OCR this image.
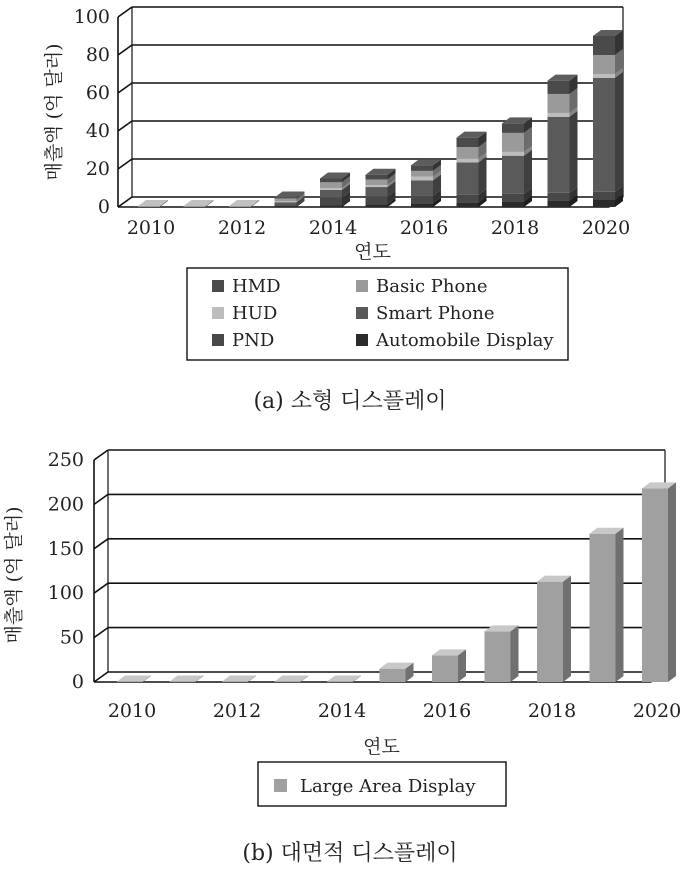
0
20
40
60
80
100
2010 2012 2014 2016 2018 2020
연도
매출액 (억 달러)
HMD
HUD
PND
Basic Phone
Smart Phone
Automobile Display
(a) 소형 디스플레이
0
50
100
150
200
250
2010	2012	2014	2016	2018	2020
연도
매출액 (억 달러)
Large Area Display
(b) 대면적 디스플레이
